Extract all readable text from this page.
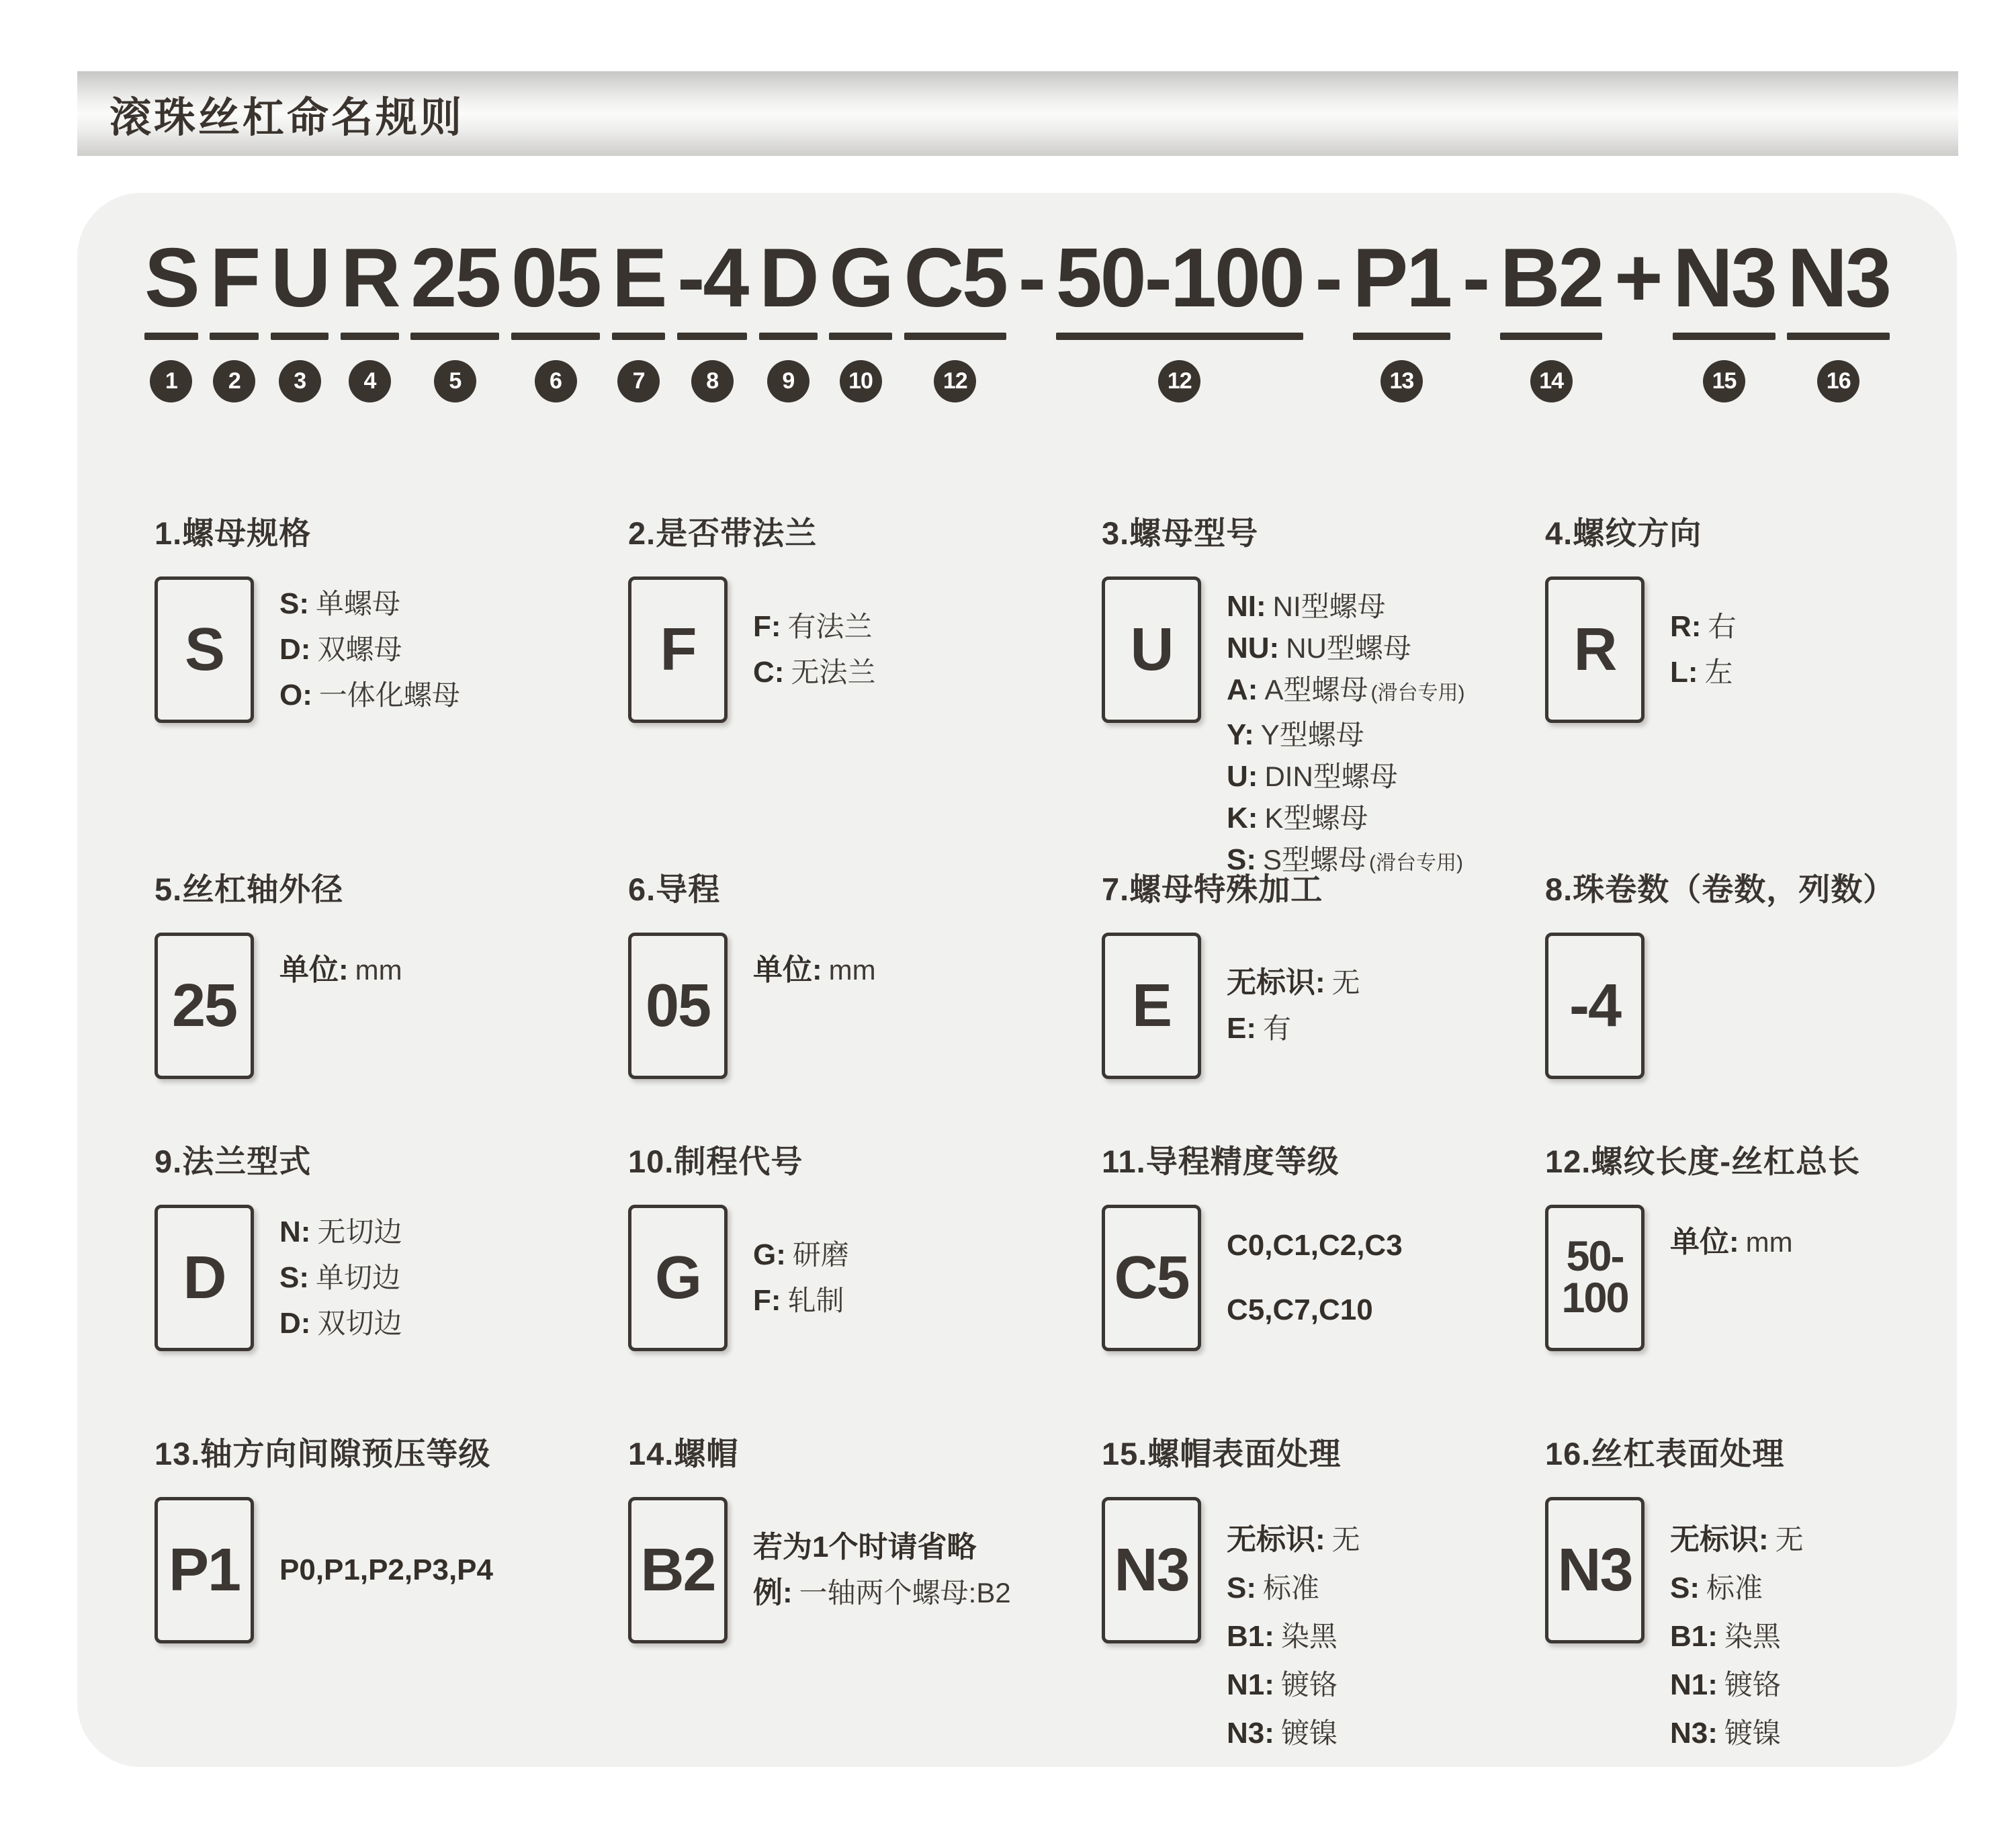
滚珠丝杠命名规则
S
1
F
2
U
3
R
4
25
5
05
6
E
7
-4
8
D
9
G
10
C5
12
- 50-100
12
- P1
13
- B2
14
+ N3
15
N3
16
1.螺母规格
S
S: 单螺母
D: 双螺母
O: 一体化螺母
2.是否带法兰
F	F: 有法兰
C: 无法兰
3.螺母型号
U
NI: NI型螺母
NU: NU型螺母
A: A型螺母 (滑台专用)
Y: Y型螺母
U: DIN型螺母
K: K型螺母
S: S型螺母 (滑台专用)
4.螺纹方向
R	R: 右
L: 左
5.丝杠轴外径
25
单位: mm
6.导程
05
单位: mm
7.螺母特殊加工
E	无标识: 无
E: 有
8.珠卷数（卷数，列数）
-4
9.法兰型式
D
N: 无切边
S: 单切边
D: 双切边
10.制程代号
G	G: 研磨
F: 轧制
11.导程精度等级
C5	C0,C1,C2,C3
C5,C7,C10
12.螺纹长度-丝杠总长
50-
100
单位: mm
13.轴方向间隙预压等级
P1	P0,P1,P2,P3,P4
14.螺帽
B2	若为1个时请省略
例: 一轴两个螺母:B2
15.螺帽表面处理
N3	无标识: 无
S: 标准
B1: 染黑
N1: 镀铬
N3: 镀镍
16.丝杠表面处理
N3	无标识: 无
S: 标准
B1: 染黑
N1: 镀铬
N3: 镀镍
